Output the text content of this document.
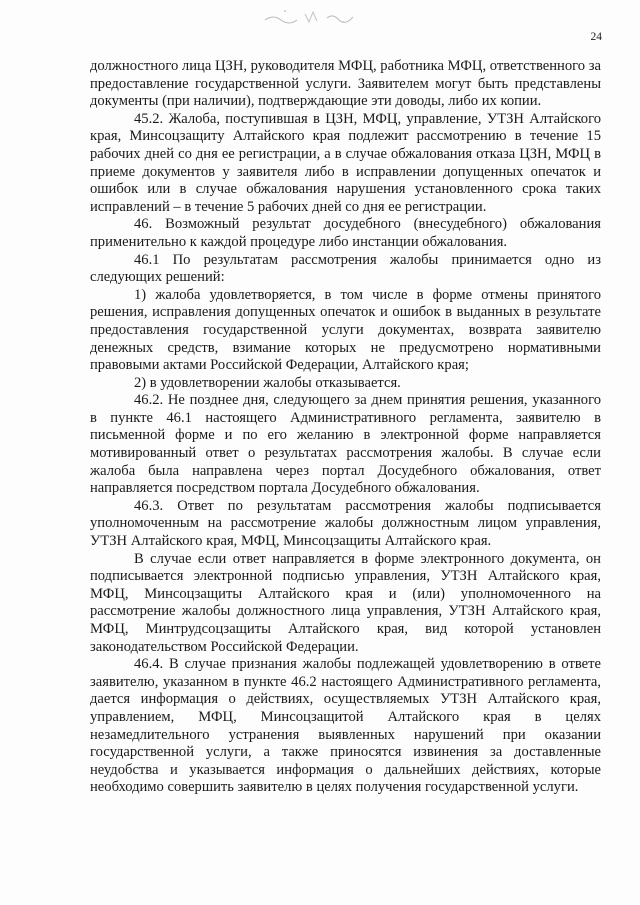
24

должностного лица ЦЗН, руководителя МФЦ, работника МФЦ, ответственного за предоставление государственной услуги. Заявителем могут быть представлены документы (при наличии), подтверждающие эти доводы, либо их копии.

45.2. Жалоба, поступившая в ЦЗН, МФЦ, управление, УТЗН Алтайского края, Минсоцзащиту Алтайского края подлежит рассмотрению в течение 15 рабочих дней со дня ее регистрации, а в случае обжалования отказа ЦЗН, МФЦ в приеме документов у заявителя либо в исправлении допущенных опечаток и ошибок или в случае обжалования нарушения установленного срока таких исправлений – в течение 5 рабочих дней со дня ее регистрации.

46. Возможный результат досудебного (внесудебного) обжалования применительно к каждой процедуре либо инстанции обжалования.

46.1 По результатам рассмотрения жалобы принимается одно из следующих решений:

1) жалоба удовлетворяется, в том числе в форме отмены принятого решения, исправления допущенных опечаток и ошибок в выданных в результате предоставления государственной услуги документах, возврата заявителю денежных средств, взимание которых не предусмотрено нормативными правовыми актами Российской Федерации, Алтайского края;

2) в удовлетворении жалобы отказывается.

46.2. Не позднее дня, следующего за днем принятия решения, указанного в пункте 46.1 настоящего Административного регламента, заявителю в письменной форме и по его желанию в электронной форме направляется мотивированный ответ о результатах рассмотрения жалобы. В случае если жалоба была направлена через портал Досудебного обжалования, ответ направляется посредством портала Досудебного обжалования.

46.3. Ответ по результатам рассмотрения жалобы подписывается уполномоченным на рассмотрение жалобы должностным лицом управления, УТЗН Алтайского края, МФЦ, Минсоцзащиты Алтайского края.

В случае если ответ направляется в форме электронного документа, он подписывается электронной подписью управления, УТЗН Алтайского края, МФЦ, Минсоцзащиты Алтайского края и (или) уполномоченного на рассмотрение жалобы должностного лица управления, УТЗН Алтайского края, МФЦ, Минтрудсоцзащиты Алтайского края, вид которой установлен законодательством Российской Федерации.

46.4. В случае признания жалобы подлежащей удовлетворению в ответе заявителю, указанном в пункте 46.2 настоящего Административного регламента, дается информация о действиях, осуществляемых УТЗН Алтайского края, управлением, МФЦ, Минсоцзащитой Алтайского края в целях незамедлительного устранения выявленных нарушений при оказании государственной услуги, а также приносятся извинения за доставленные неудобства и указывается информация о дальнейших действиях, которые необходимо совершить заявителю в целях получения государственной услуги.
